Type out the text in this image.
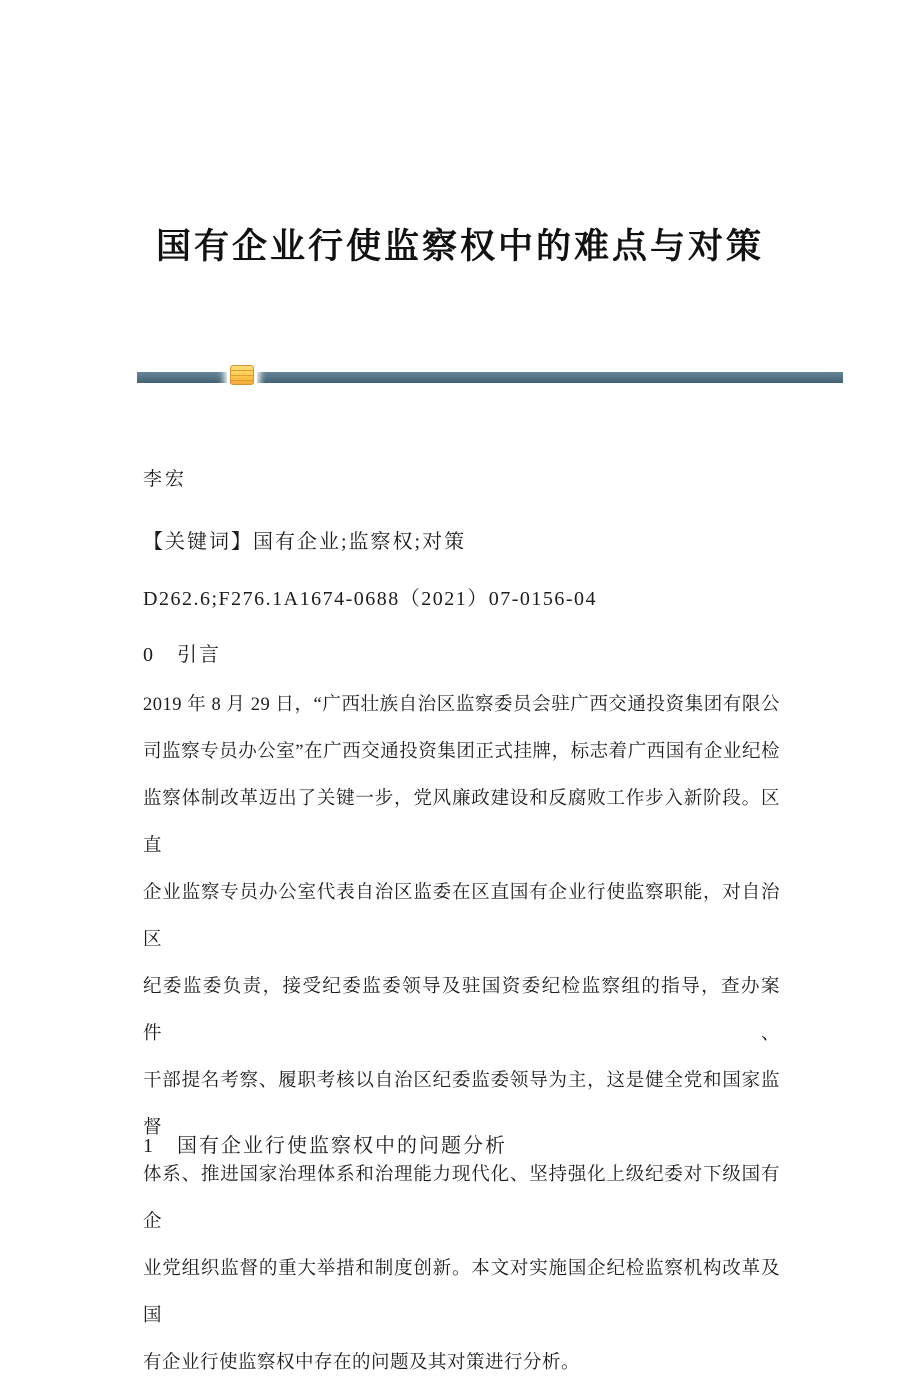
国有企业行使监察权中的难点与对策
李宏
【关键词】国有企业;监察权;对策
D262.6;F276.1A1674-0688（2021）07-0156-04
0　引言
2019 年 8 月 29 日，“广西壮族自治区监察委员会驻广西交通投资集团有限公
司监察专员办公室”在广西交通投资集团正式挂牌，标志着广西国有企业纪检
监察体制改革迈出了关键一步，党风廉政建设和反腐败工作步入新阶段。区直
企业监察专员办公室代表自治区监委在区直国有企业行使监察职能，对自治区
纪委监委负责，接受纪委监委领导及驻国资委纪检监察组的指导，查办案件、
干部提名考察、履职考核以自治区纪委监委领导为主，这是健全党和国家监督
体系、推进国家治理体系和治理能力现代化、坚持强化上级纪委对下级国有企
业党组织监督的重大举措和制度创新。本文对实施国企纪检监察机构改革及国
有企业行使监察权中存在的问题及其对策进行分析。
1　国有企业行使监察权中的问题分析
